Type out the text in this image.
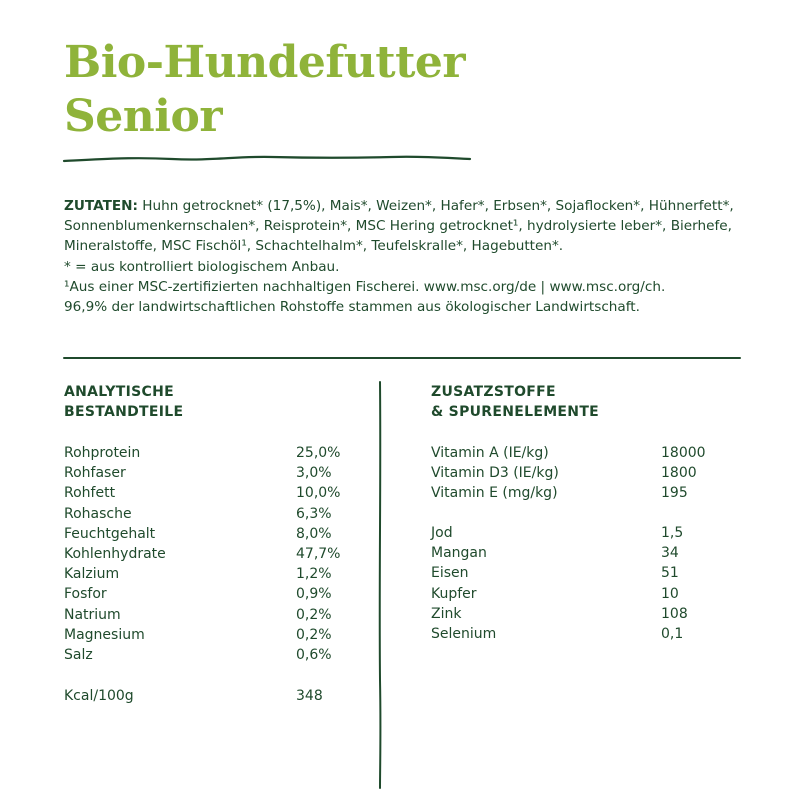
Bio-Hundefutter
Senior

ZUTATEN: Huhn getrocknet* (17,5%), Mais*, Weizen*, Hafer*, Erbsen*, Sojaflocken*, Hühnerfett*, Sonnenblumenkernschalen*, Reisprotein*, MSC Hering getrocknet¹, hydrolysierte leber*, Bierhefe, Mineralstoffe, MSC Fischöl¹, Schachtelhalm*, Teufelskralle*, Hagebutten*.

* = aus kontrolliert biologischem Anbau.

¹Aus einer MSC-zertifizierten nachhaltigen Fischerei. www.msc.org/de | www.msc.org/ch.

96,9% der landwirtschaftlichen Rohstoffe stammen aus ökologischer Landwirtschaft.

ANALYTISCHE
BESTANDTEILE
ZUSATZSTOFFE
& SPURENELEMENTE
Rohprotein	25,0%
Rohfaser	3,0%
Rohfett	10,0%
Rohasche	6,3%
Feuchtgehalt	8,0%
Kohlenhydrate	47,7%
Kalzium	1,2%
Fosfor	0,9%
Natrium	0,2%
Magnesium	0,2%
Salz	0,6%
Kcal/100g	348
Vitamin A (IE/kg)	18000
Vitamin D3 (IE/kg)	1800
Vitamin E (mg/kg)	195
Jod	1,5
Mangan	34
Eisen	51
Kupfer	10
Zink	108
Selenium	0,1
